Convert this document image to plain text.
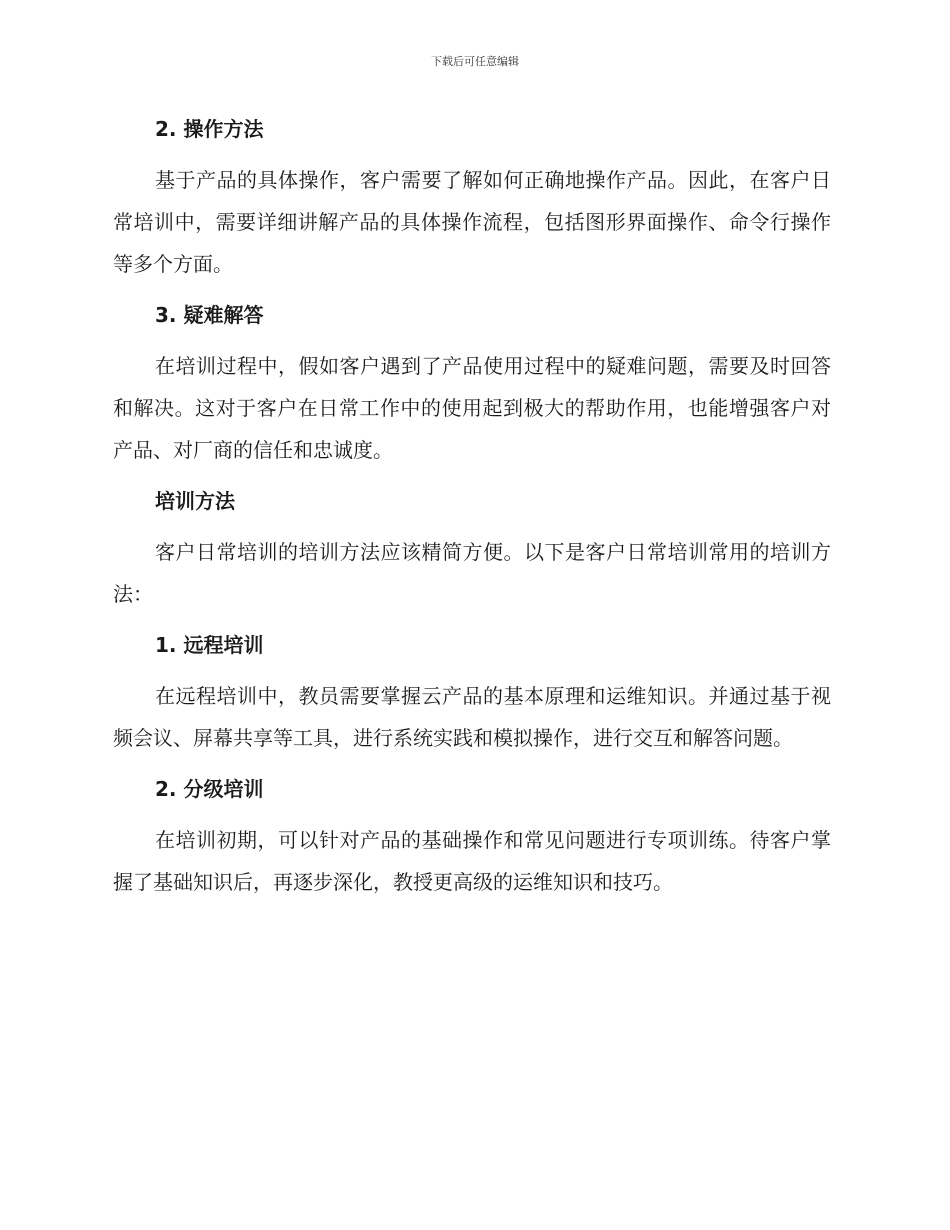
下载后可任意编辑
2. 操作方法

基于产品的具体操作，客户需要了解如何正确地操作产品。因此，在客户日常培训中，需要详细讲解产品的具体操作流程，包括图形界面操作、命令行操作等多个方面。

3. 疑难解答

在培训过程中，假如客户遇到了产品使用过程中的疑难问题，需要及时回答和解决。这对于客户在日常工作中的使用起到极大的帮助作用，也能增强客户对产品、对厂商的信任和忠诚度。

培训方法

客户日常培训的培训方法应该精简方便。以下是客户日常培训常用的培训方法：

1. 远程培训

在远程培训中，教员需要掌握云产品的基本原理和运维知识。并通过基于视频会议、屏幕共享等工具，进行系统实践和模拟操作，进行交互和解答问题。

2. 分级培训

在培训初期，可以针对产品的基础操作和常见问题进行专项训练。待客户掌握了基础知识后，再逐步深化，教授更高级的运维知识和技巧。
